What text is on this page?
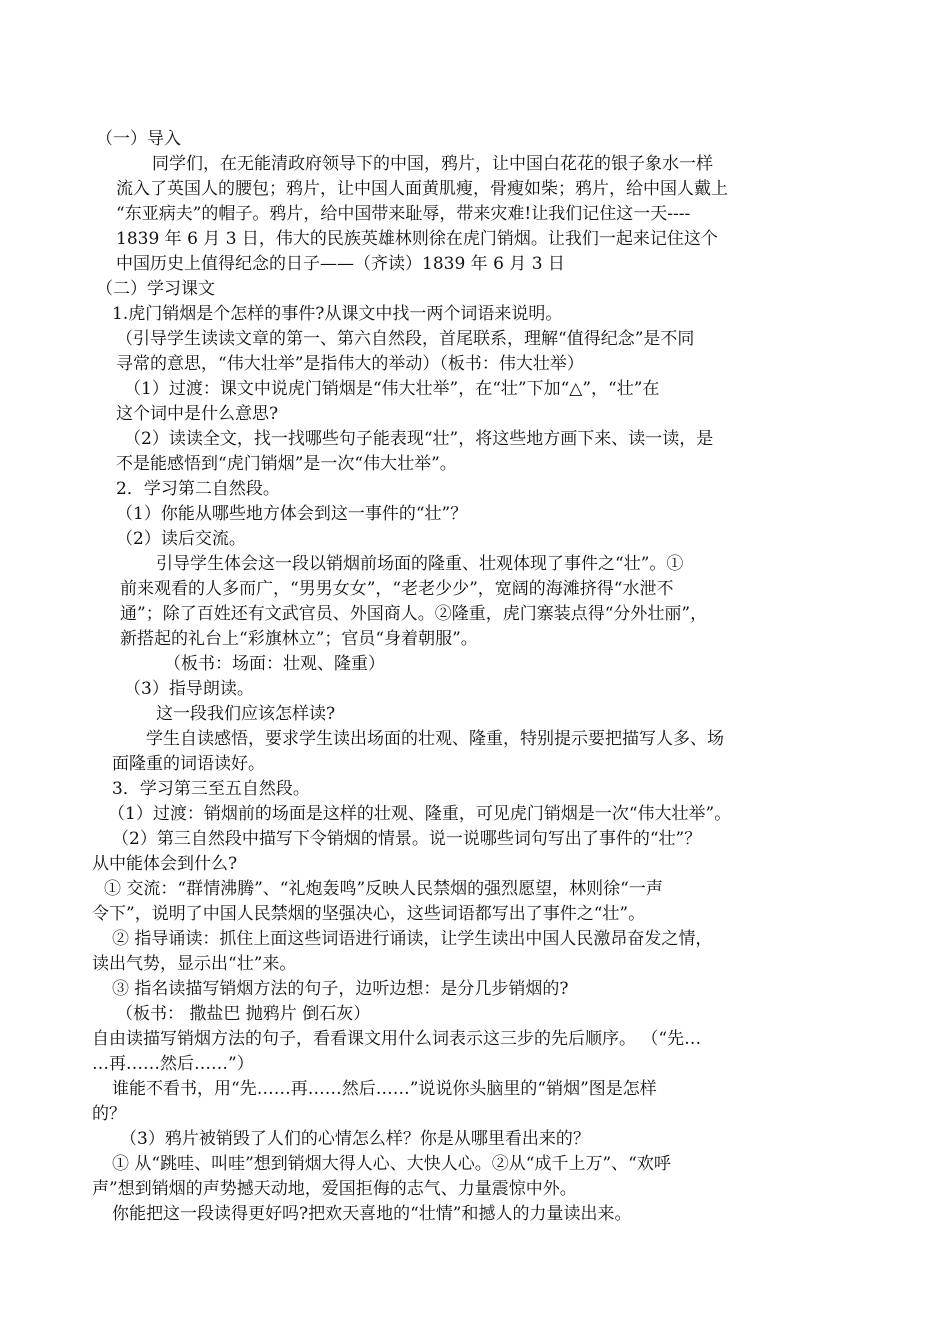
（一）导入

同学们，在无能清政府领导下的中国，鸦片，让中国白花花的银子象水一样

流入了英国人的腰包；鸦片，让中国人面黄肌瘦，骨瘦如柴；鸦片，给中国人戴上

“东亚病夫”的帽子。鸦片，给中国带来耻辱，带来灾难!让我们记住这一天----

1839 年 6 月 3 日，伟大的民族英雄林则徐在虎门销烟。让我们一起来记住这个

中国历史上值得纪念的日子——（齐读）1839 年 6 月 3 日

（二）学习课文

1.虎门销烟是个怎样的事件?从课文中找一两个词语来说明。

（引导学生读读文章的第一、第六自然段，首尾联系，理解“值得纪念”是不同

寻常的意思，“伟大壮举”是指伟大的举动）（板书：伟大壮举）

（1）过渡：课文中说虎门销烟是“伟大壮举”，在“壮”下加“△”，“壮”在

这个词中是什么意思?

（2）读读全文，找一找哪些句子能表现“壮”，将这些地方画下来、读一读，是

不是能感悟到“虎门销烟”是一次“伟大壮举”。

2．学习第二自然段。

（1）你能从哪些地方体会到这一事件的“壮”？

（2）读后交流。

引导学生体会这一段以销烟前场面的隆重、壮观体现了事件之“壮”。①

前来观看的人多而广，“男男女女”，“老老少少”，宽阔的海滩挤得“水泄不

通”；除了百姓还有文武官员、外国商人。②隆重，虎门寨装点得“分外壮丽”，

新搭起的礼台上“彩旗林立”；官员“身着朝服”。

（板书：场面：壮观、隆重）

（3）指导朗读。

这一段我们应该怎样读?

学生自读感悟，要求学生读出场面的壮观、隆重，特别提示要把描写人多、场

面隆重的词语读好。

3．学习第三至五自然段。

（1）过渡：销烟前的场面是这样的壮观、隆重，可见虎门销烟是一次“伟大壮举”。

（2）第三自然段中描写下令销烟的情景。说一说哪些词句写出了事件的“壮”？

从中能体会到什么?

① 交流：“群情沸腾”、“礼炮轰鸣”反映人民禁烟的强烈愿望，林则徐“一声

令下”，说明了中国人民禁烟的坚强决心，这些词语都写出了事件之“壮”。

② 指导诵读：抓住上面这些词语进行诵读，让学生读出中国人民激昂奋发之情，

读出气势，显示出“壮”来。

③ 指名读描写销烟方法的句子，边听边想：是分几步销烟的?

（板书： 撒盐巴 抛鸦片 倒石灰）

自由读描写销烟方法的句子，看看课文用什么词表示这三步的先后顺序。 （“先…

…再……然后……”）

谁能不看书，用“先……再……然后……”说说你头脑里的“销烟”图是怎样

的？

（3）鸦片被销毁了人们的心情怎么样？你是从哪里看出来的？

① 从“跳哇、叫哇”想到销烟大得人心、大快人心。②从“成千上万”、“欢呼

声”想到销烟的声势撼天动地，爱国拒侮的志气、力量震惊中外。

你能把这一段读得更好吗?把欢天喜地的“壮情”和撼人的力量读出来。
